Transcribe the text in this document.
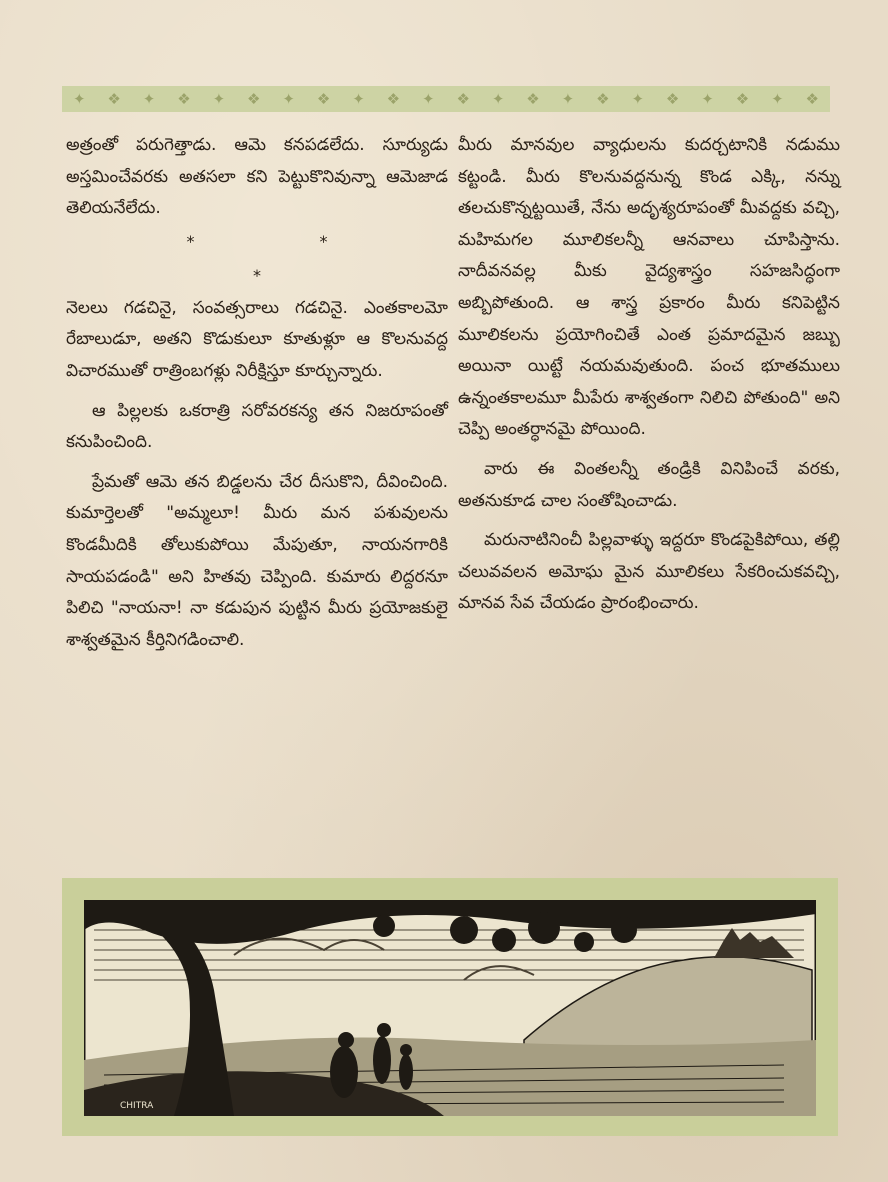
✦ ❖ ✦ ❖ ✦ ❖ ✦ ❖ ✦ ❖ ✦ ❖ ✦ ❖ ✦ ❖ ✦ ❖ ✦ ❖ ✦ ❖

అత్రంతో పరుగెత్తాడు. ఆమె కనపడలేదు. సూర్యుడు అస్తమించేవరకు అతసలా కని పెట్టుకొనివున్నా ఆమెజాడ తెలియనేలేదు.

* * *

నెలలు గడచినై, సంవత్సరాలు గడచినై. ఎంతకాలమో రేబాలుడూ, అతని కొడుకులూ కూతుళ్లూ ఆ కొలనువద్ద విచారముతో రాత్రింబగళ్లు నిరీక్షిస్తూ కూర్చున్నారు.

ఆ పిల్లలకు ఒకరాత్రి సరోవరకన్య తన నిజరూపంతో కనుపించింది.

ప్రేమతో ఆమె తన బిడ్డలను చేర దీసుకొని, దీవించింది. కుమార్తెలతో "అమ్మలూ! మీరు మన పశువులను కొండమీదికి తోలుకుపోయి మేపుతూ, నాయనగారికి సాయపడండి" అని హితవు చెప్పింది. కుమారు లిద్దరనూ పిలిచి "నాయనా! నా కడుపున పుట్టిన మీరు ప్రయోజకులై శాశ్వతమైన కీర్తినిగడించాలి.

మీరు మానవుల వ్యాధులను కుదర్చటానికి నడుము కట్టండి. మీరు కొలనువద్దనున్న కొండ ఎక్కి, నన్ను తలచుకొన్నట్టయితే, నేను అదృశ్యరూపంతో మీవద్దకు వచ్చి, మహిమగల మూలికలన్నీ ఆనవాలు చూపిస్తాను. నాదీవనవల్ల మీకు వైద్యశాస్త్రం సహజసిద్ధంగా అబ్బిపోతుంది. ఆ శాస్త్ర ప్రకారం మీరు కనిపెట్టిన మూలికలను ప్రయోగించితే ఎంత ప్రమాదమైన జబ్బు అయినా యిట్టే నయమవుతుంది. పంచ భూతములు ఉన్నంతకాలమూ మీపేరు శాశ్వతంగా నిలిచి పోతుంది" అని చెప్పి అంతర్ధానమై పోయింది.

వారు ఈ వింతలన్నీ తండ్రికి వినిపించే వరకు, అతనుకూడ చాల సంతోషించాడు.

మరునాటినించీ పిల్లవాళ్ళు ఇద్దరూ కొండపైకిపోయి, తల్లి చలువవలన అమోఘ మైన మూలికలు సేకరించుకవచ్చి, మానవ సేవ చేయడం ప్రారంభించారు.

CHITRA
